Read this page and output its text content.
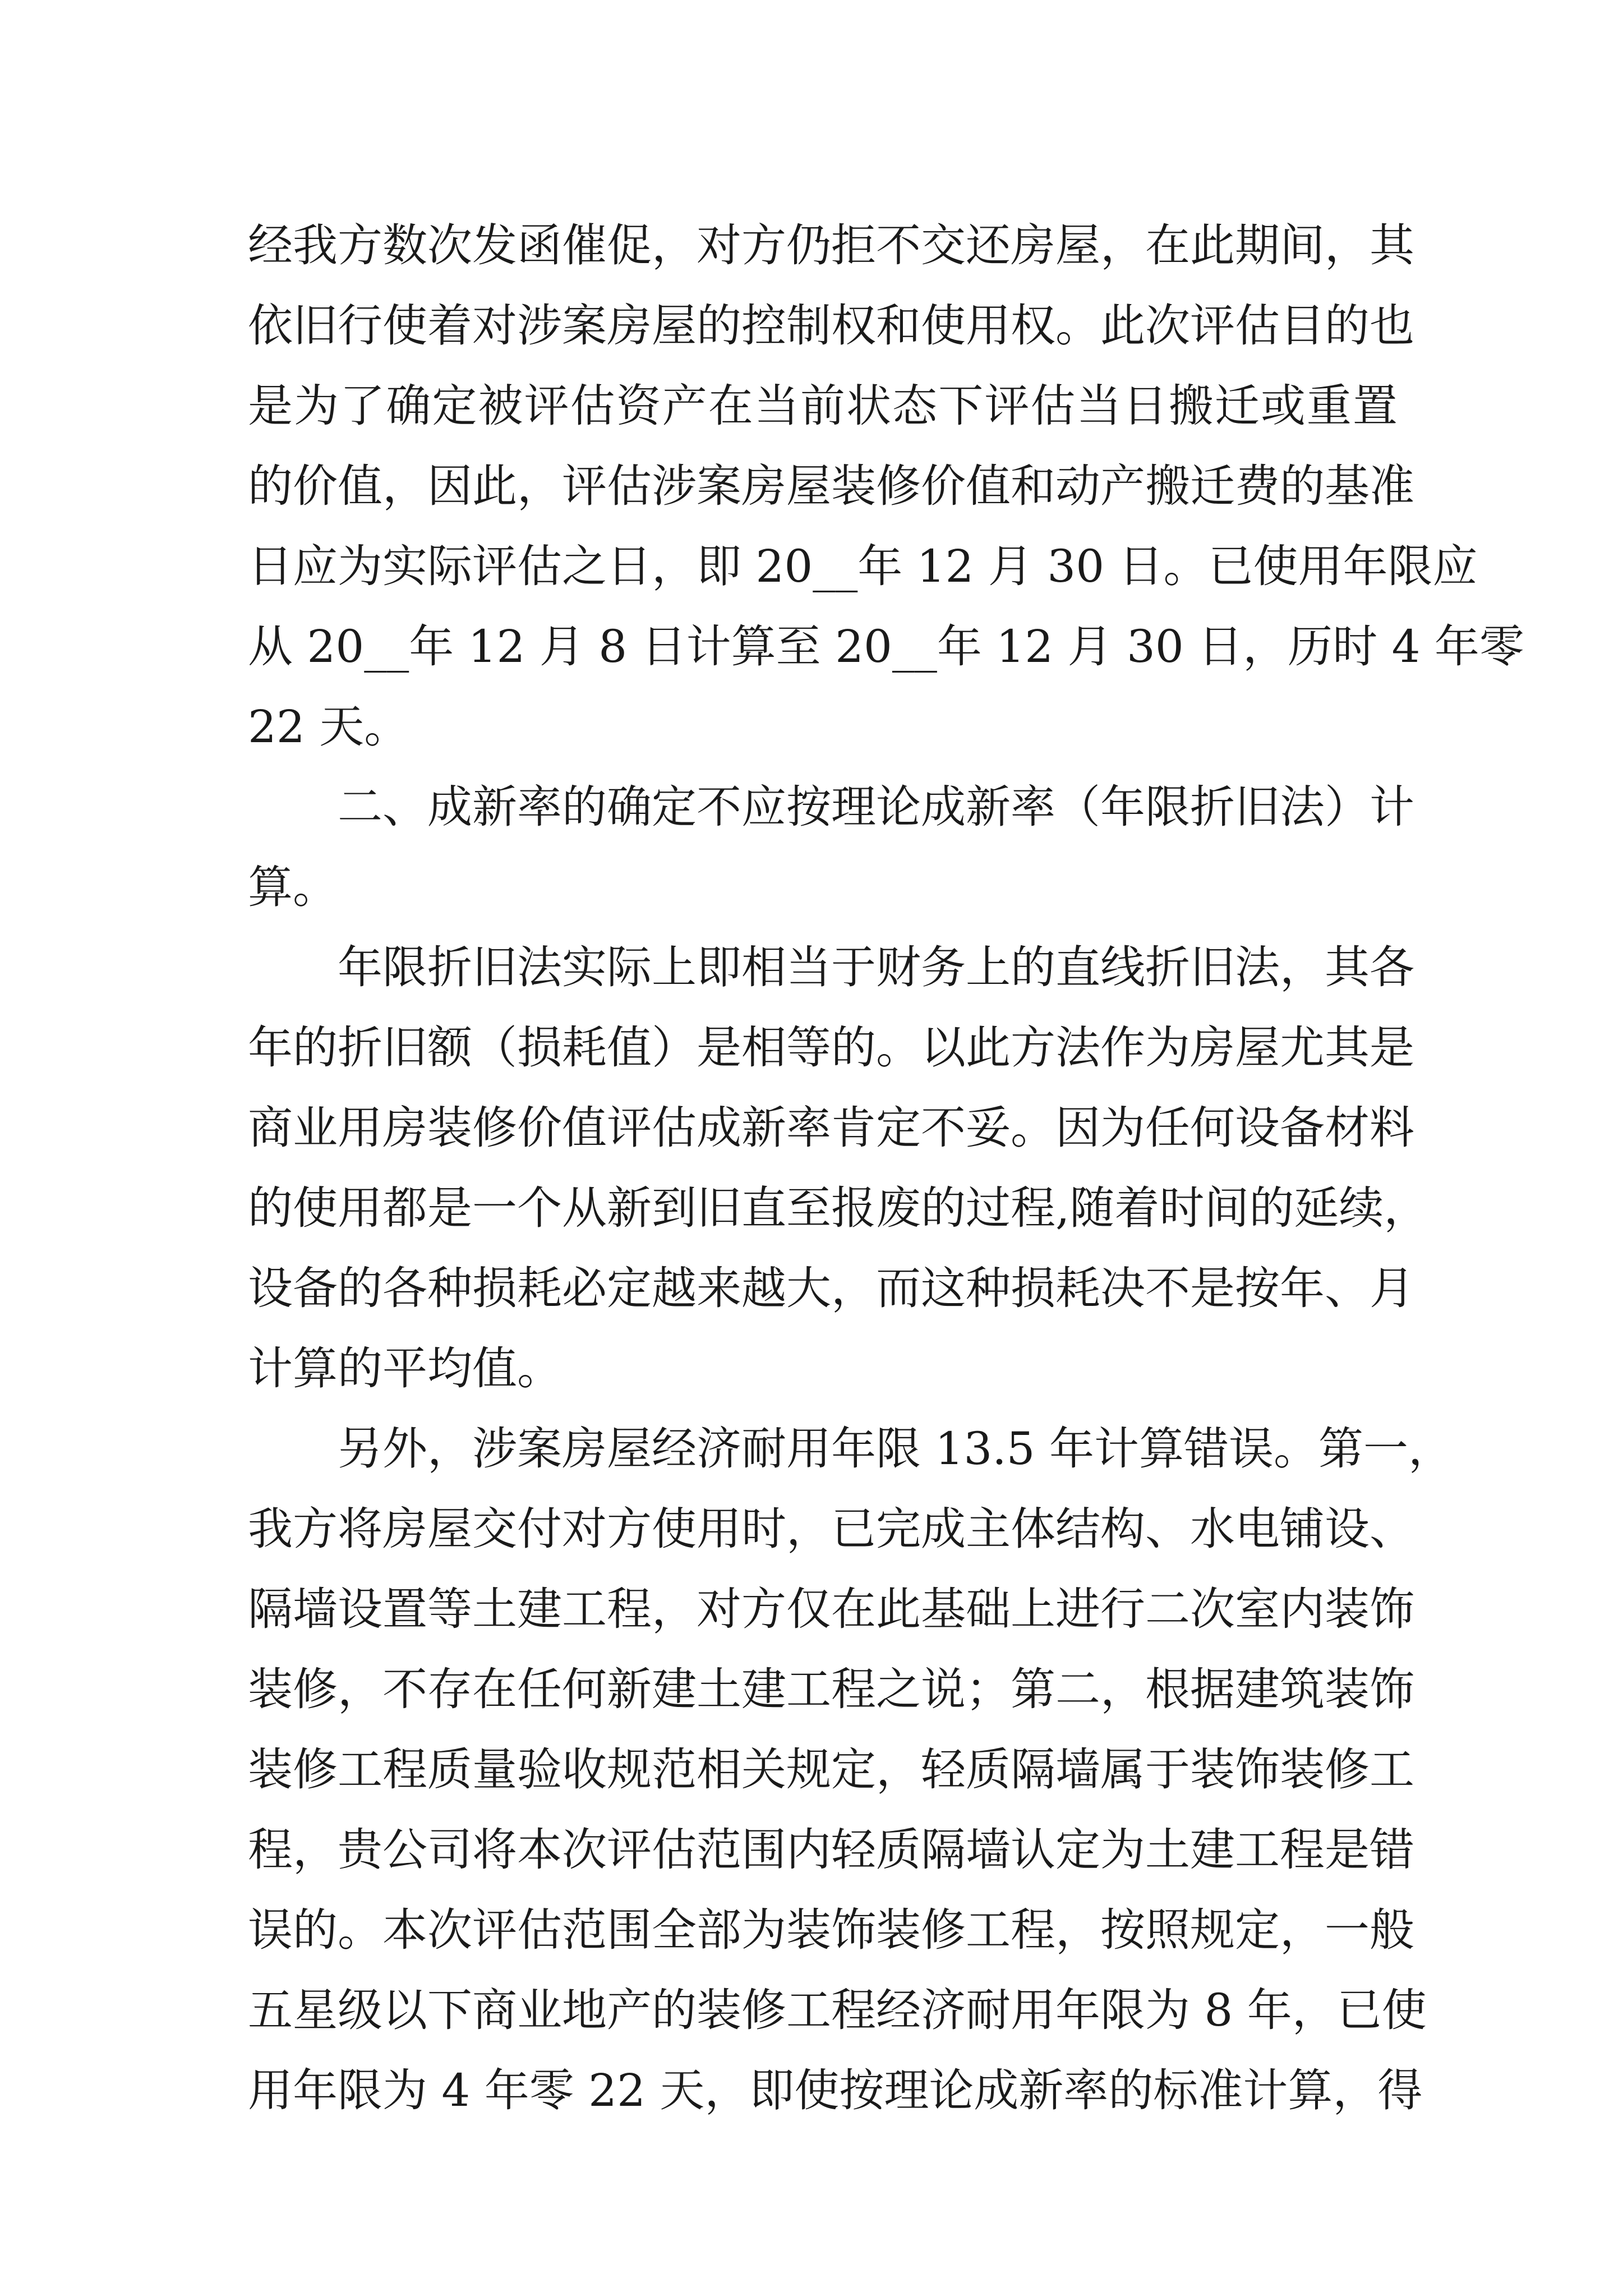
经我方数次发函催促，对方仍拒不交还房屋，在此期间，其
依旧行使着对涉案房屋的控制权和使用权。此次评估目的也
是为了确定被评估资产在当前状态下评估当日搬迁或重置
的价值，因此，评估涉案房屋装修价值和动产搬迁费的基准
日应为实际评估之日，即 20__年 12 月 30 日。已使用年限应
从 20__年 12 月 8 日计算至 20__年 12 月 30 日，历时 4 年零
22 天。
二、成新率的确定不应按理论成新率（年限折旧法）计
算。
年限折旧法实际上即相当于财务上的直线折旧法，其各
年的折旧额（损耗值）是相等的。以此方法作为房屋尤其是
商业用房装修价值评估成新率肯定不妥。因为任何设备材料
的使用都是一个从新到旧直至报废的过程,随着时间的延续，
设备的各种损耗必定越来越大，而这种损耗决不是按年、月
计算的平均值。
另外，涉案房屋经济耐用年限 13.5 年计算错误。第一，
我方将房屋交付对方使用时，已完成主体结构、水电铺设、
隔墙设置等土建工程，对方仅在此基础上进行二次室内装饰
装修，不存在任何新建土建工程之说；第二，根据建筑装饰
装修工程质量验收规范相关规定，轻质隔墙属于装饰装修工
程，贵公司将本次评估范围内轻质隔墙认定为土建工程是错
误的。本次评估范围全部为装饰装修工程，按照规定，一般
五星级以下商业地产的装修工程经济耐用年限为 8 年，已使
用年限为 4 年零 22 天，即使按理论成新率的标准计算，得
